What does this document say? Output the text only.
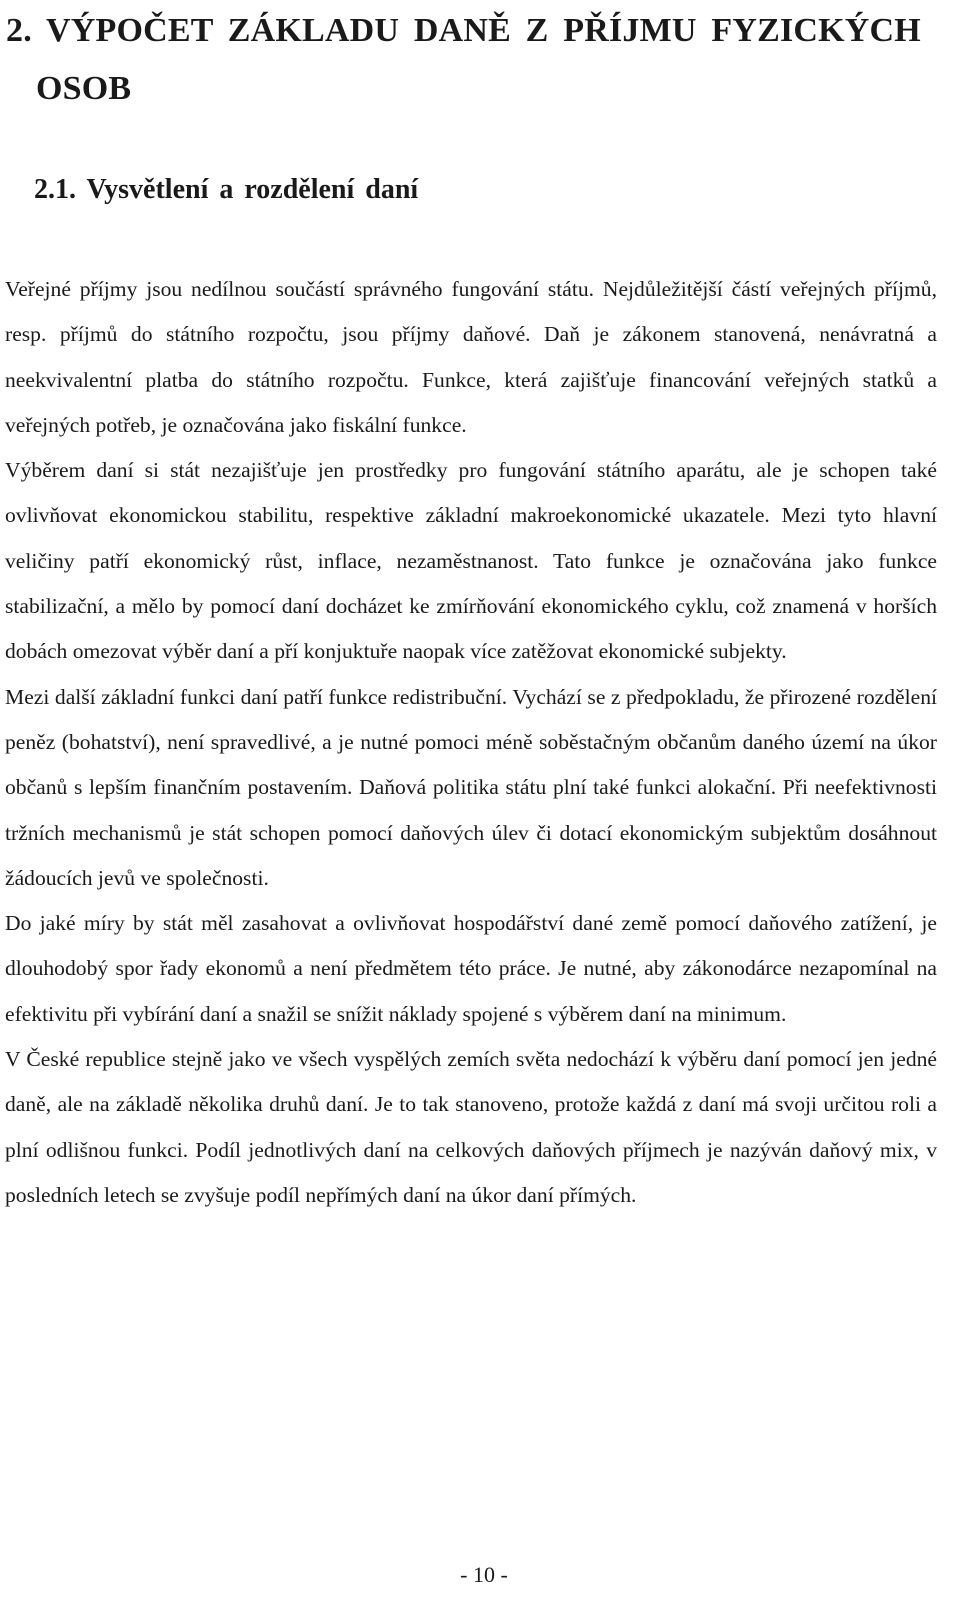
2. VÝPOČET ZÁKLADU DANĚ Z PŘÍJMU FYZICKÝCH
OSOB
2.1. Vysvětlení a rozdělení daní

Veřejné příjmy jsou nedílnou součástí správného fungování státu. Nejdůležitější částí veřejných příjmů, resp. příjmů do státního rozpočtu, jsou příjmy daňové. Daň je zákonem stanovená, nenávratná a neekvivalentní platba do státního rozpočtu. Funkce, která zajišťuje financování veřejných statků a veřejných potřeb, je označována jako fiskální funkce.

Výběrem daní si stát nezajišťuje jen prostředky pro fungování státního aparátu, ale je schopen také ovlivňovat ekonomickou stabilitu, respektive základní makroekonomické ukazatele. Mezi tyto hlavní veličiny patří ekonomický růst, inflace, nezaměstnanost. Tato funkce je označována jako funkce stabilizační, a mělo by pomocí daní docházet ke zmírňování ekonomického cyklu, což znamená v horších dobách omezovat výběr daní a pří konjuktuře naopak více zatěžovat ekonomické subjekty.

Mezi další základní funkci daní patří funkce redistribuční. Vychází se z předpokladu, že přirozené rozdělení peněz (bohatství), není spravedlivé, a je nutné pomoci méně soběstačným občanům daného území na úkor občanů s lepším finančním postavením. Daňová politika státu plní také funkci alokační. Při neefektivnosti tržních mechanismů je stát schopen pomocí daňových úlev či dotací ekonomickým subjektům dosáhnout žádoucích jevů ve společnosti.

Do jaké míry by stát měl zasahovat a ovlivňovat hospodářství dané země pomocí daňového zatížení, je dlouhodobý spor řady ekonomů a není předmětem této práce. Je nutné, aby zákonodárce nezapomínal na efektivitu při vybírání daní a snažil se snížit náklady spojené s výběrem daní na minimum.

V České republice stejně jako ve všech vyspělých zemích světa nedochází k výběru daní pomocí jen jedné daně, ale na základě několika druhů daní. Je to tak stanoveno, protože každá z daní má svoji určitou roli a plní odlišnou funkci. Podíl jednotlivých daní na celkových daňových příjmech je nazýván daňový mix, v posledních letech se zvyšuje podíl nepřímých daní na úkor daní přímých.

- 10 -
